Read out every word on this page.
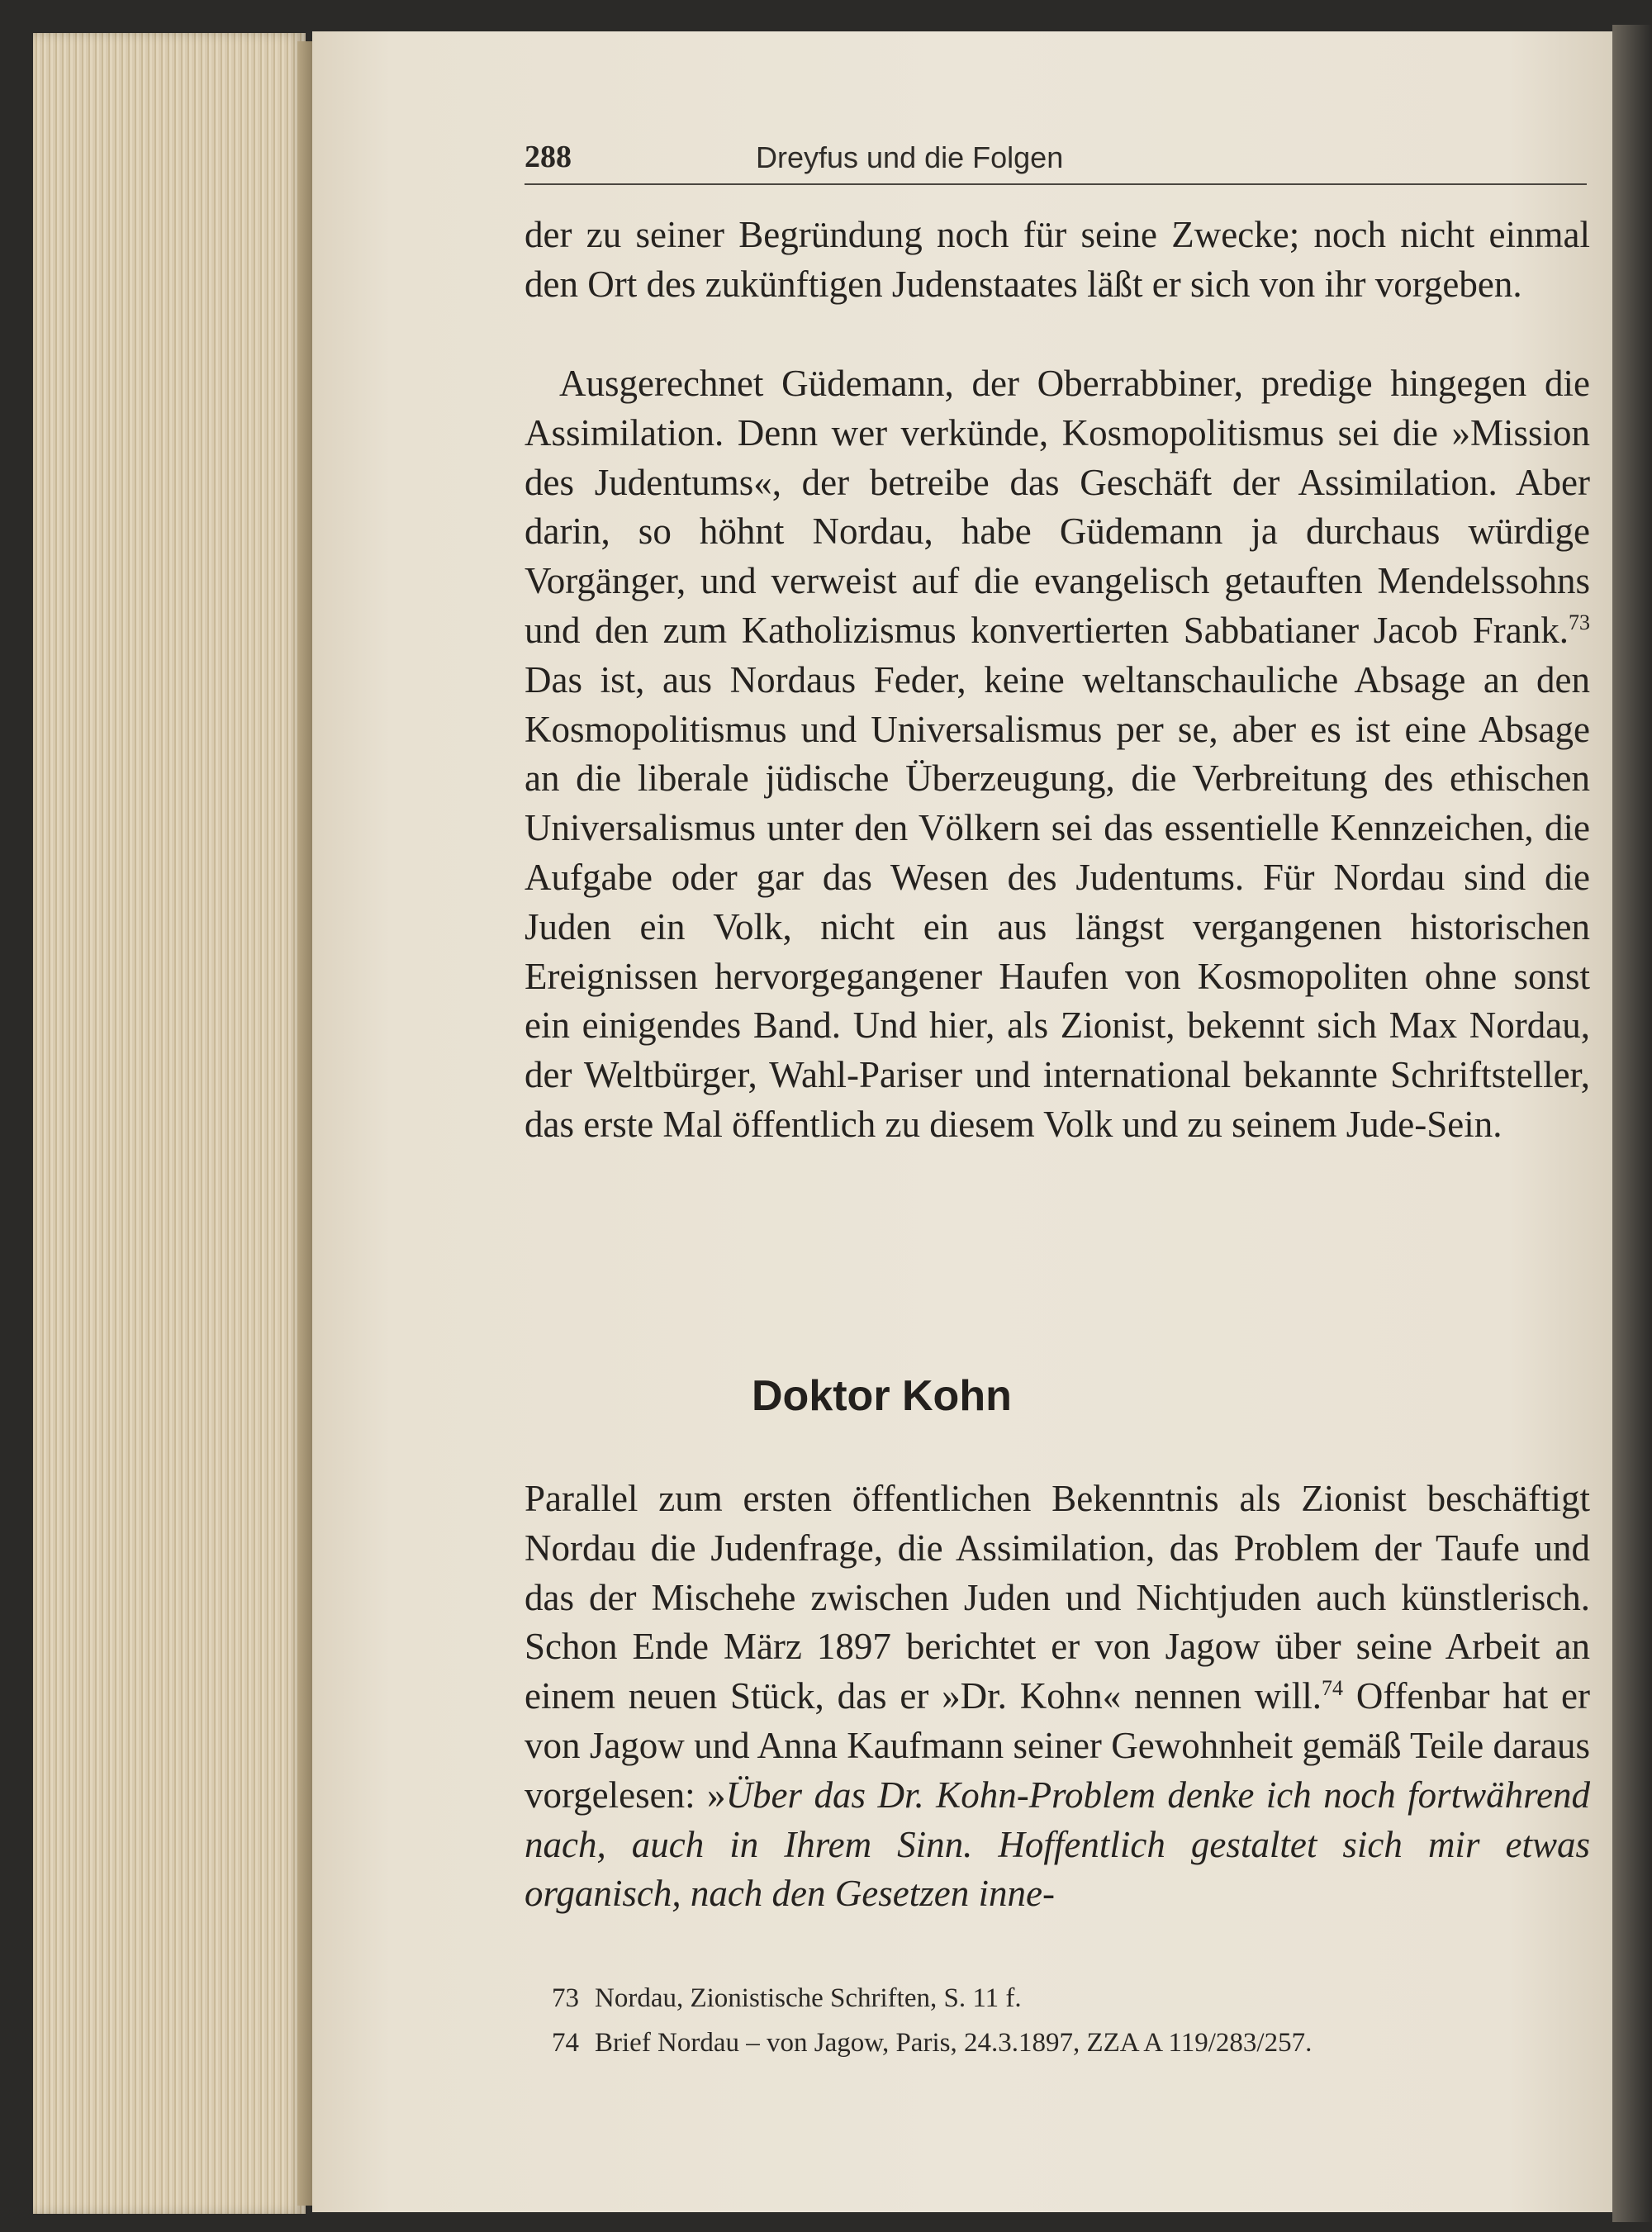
288	Dreyfus und die Folgen

der zu seiner Begründung noch für seine Zwecke; noch nicht einmal den Ort des zukünftigen Judenstaates läßt er sich von ihr vorgeben.

Ausgerechnet Güdemann, der Oberrabbiner, predige hingegen die Assimilation. Denn wer verkünde, Kosmopolitismus sei die »Mission des Judentums«, der betreibe das Geschäft der Assimilation. Aber darin, so höhnt Nordau, habe Güdemann ja durchaus würdige Vorgänger, und verweist auf die evangelisch getauften Mendelssohns und den zum Katholizismus konvertierten Sabbatianer Jacob Frank.$^{73}$ Das ist, aus Nordaus Feder, keine weltanschauliche Absage an den Kosmopolitismus und Universalismus per se, aber es ist eine Absage an die liberale jüdische Überzeugung, die Verbreitung des ethischen Universalismus unter den Völkern sei das essentielle Kennzeichen, die Aufgabe oder gar das Wesen des Judentums. Für Nordau sind die Juden ein Volk, nicht ein aus längst vergangenen historischen Ereignissen hervorgegangener Haufen von Kosmopoliten ohne sonst ein einigendes Band. Und hier, als Zionist, bekennt sich Max Nordau, der Weltbürger, Wahl-Pariser und international bekannte Schriftsteller, das erste Mal öffentlich zu diesem Volk und zu seinem Jude-Sein.

Doktor Kohn

Parallel zum ersten öffentlichen Bekenntnis als Zionist beschäftigt Nordau die Judenfrage, die Assimilation, das Problem der Taufe und das der Mischehe zwischen Juden und Nichtjuden auch künstlerisch. Schon Ende März 1897 berichtet er von Jagow über seine Arbeit an einem neuen Stück, das er »Dr. Kohn« nennen will.$^{74}$ Offenbar hat er von Jagow und Anna Kaufmann seiner Gewohnheit gemäß Teile daraus vorgelesen: »Über das Dr. Kohn-Problem denke ich noch fortwährend nach, auch in Ihrem Sinn. Hoffentlich gestaltet sich mir etwas organisch, nach den Gesetzen inne-

73 Nordau, Zionistische Schriften, S. 11 f.
74 Brief Nordau – von Jagow, Paris, 24.3.1897, ZZA A 119/283/257.
